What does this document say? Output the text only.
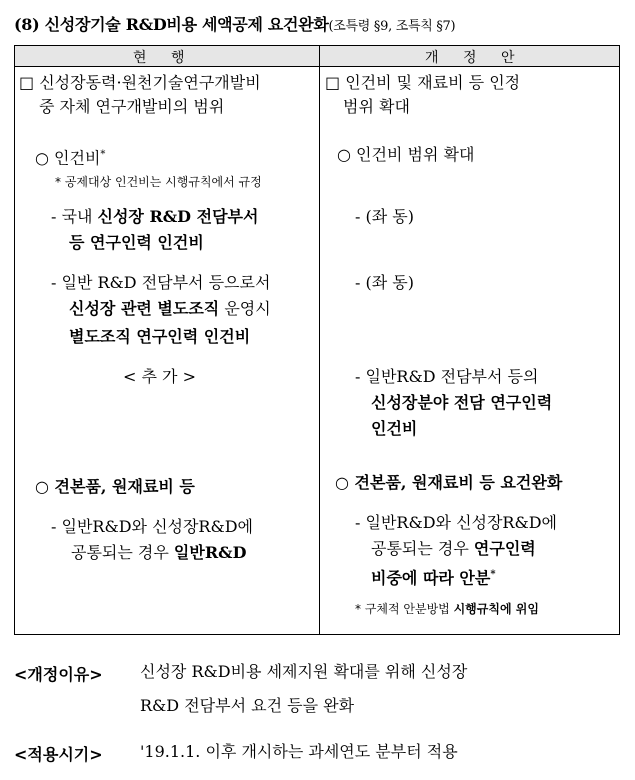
(8) 신성장기술 R&D비용 세액공제 요건완화(조특령 §9, 조특칙 §7)
현 행	개 정 안
□ 신성장동력·원천기술연구개발비
중 자체 연구개발비의 범위
○ 인건비*
* 공제대상 인건비는 시행규칙에서 규정
- 국내 신성장 R&D 전담부서
등 연구인력 인건비
- 일반 R&D 전담부서 등으로서
신성장 관련 별도조직 운영시
별도조직 연구인력 인건비
< 추 가 >
○ 견본품, 원재료비 등
- 일반R&D와 신성장R&D에
공통되는 경우 일반R&D
□ 인건비 및 재료비 등 인정
범위 확대
○ 인건비 범위 확대
- (좌 동)
- (좌 동)
- 일반R&D 전담부서 등의
신성장분야 전담 연구인력
인건비
○ 견본품, 원재료비 등 요건완화
- 일반R&D와 신성장R&D에
공통되는 경우 연구인력
비중에 따라 안분*
* 구체적 안분방법 시행규칙에 위임
<개정이유> 신성장 R&D비용 세제지원 확대를 위해 신성장
R&D 전담부서 요건 등을 완화
<적용시기> '19.1.1. 이후 개시하는 과세연도 분부터 적용
